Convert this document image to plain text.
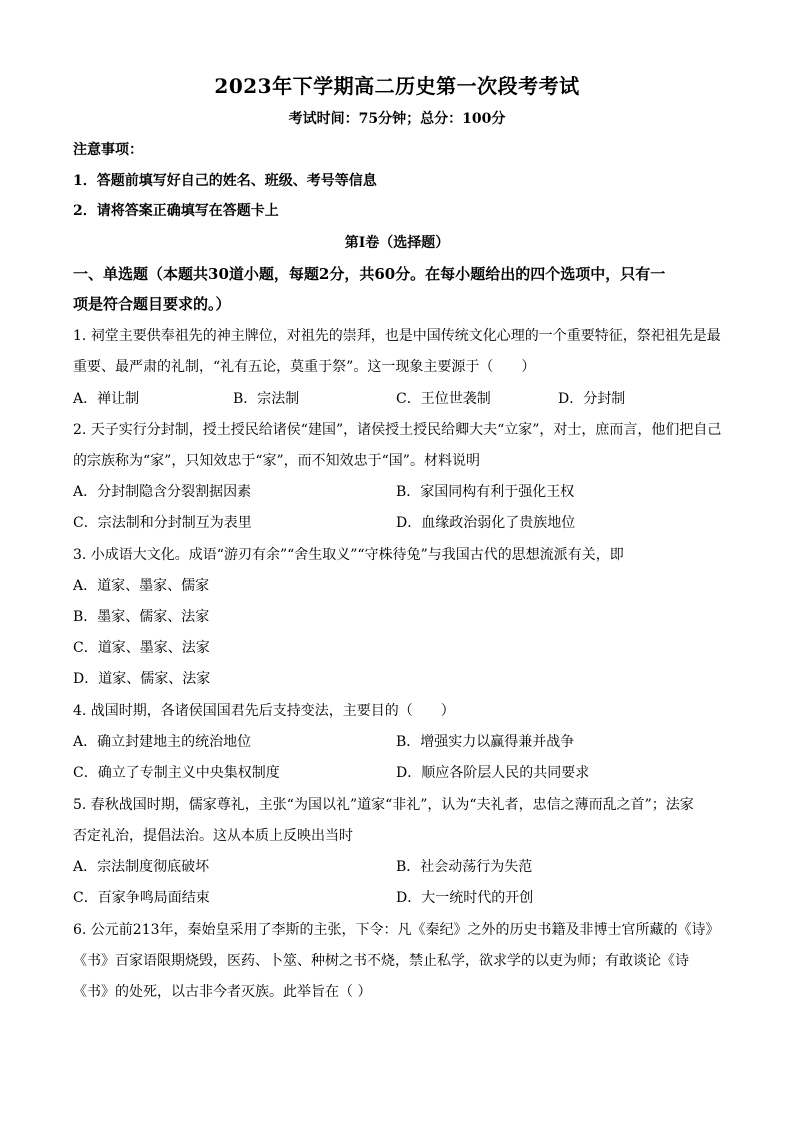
2023年下学期高二历史第一次段考考试
考试时间：75分钟；总分：100分
注意事项：
1．答题前填写好自己的姓名、班级、考号等信息
2．请将答案正确填写在答题卡上
第Ⅰ卷（选择题）
一、单选题（本题共30道小题，每题2分，共60分。在每小题给出的四个选项中，只有一
项是符合题目要求的。）
1. 祠堂主要供奉祖先的神主牌位，对祖先的崇拜，也是中国传统文化心理的一个重要特征，祭祀祖先是最
重要、最严肃的礼制，“礼有五论，莫重于祭”。这一现象主要源于（　　）
A．禅让制	B．宗法制	C．王位世袭制	D．分封制
2. 天子实行分封制，授土授民给诸侯“建国”，诸侯授土授民给卿大夫“立家”，对士，庶而言，他们把自己
的宗族称为“家”，只知效忠于“家”，而不知效忠于“国”。材料说明
A．分封制隐含分裂割据因素	B．家国同构有利于强化王权
C．宗法制和分封制互为表里	D．血缘政治弱化了贵族地位
3. 小成语大文化。成语“游刃有余”“舍生取义”“守株待兔”与我国古代的思想流派有关，即
A．道家、墨家、儒家
B．墨家、儒家、法家
C．道家、墨家、法家
D．道家、儒家、法家
4. 战国时期，各诸侯国国君先后支持变法，主要目的（　　）
A．确立封建地主的统治地位	B．增强实力以赢得兼并战争
C．确立了专制主义中央集权制度	D．顺应各阶层人民的共同要求
5. 春秋战国时期，儒家尊礼，主张“为国以礼”道家“非礼”，认为“夫礼者，忠信之薄而乱之首”；法家
否定礼治，提倡法治。这从本质上反映出当时
A．宗法制度彻底破坏	B．社会动荡行为失范
C．百家争鸣局面结束	D．大一统时代的开创
6. 公元前213年，秦始皇采用了李斯的主张，下令：凡《秦纪》之外的历史书籍及非博士官所藏的《诗》
《书》百家语限期烧毁，医药、卜筮、种树之书不烧，禁止私学，欲求学的以吏为师；有敢谈论《诗
《书》的处死，以古非今者灭族。此举旨在（ ）
